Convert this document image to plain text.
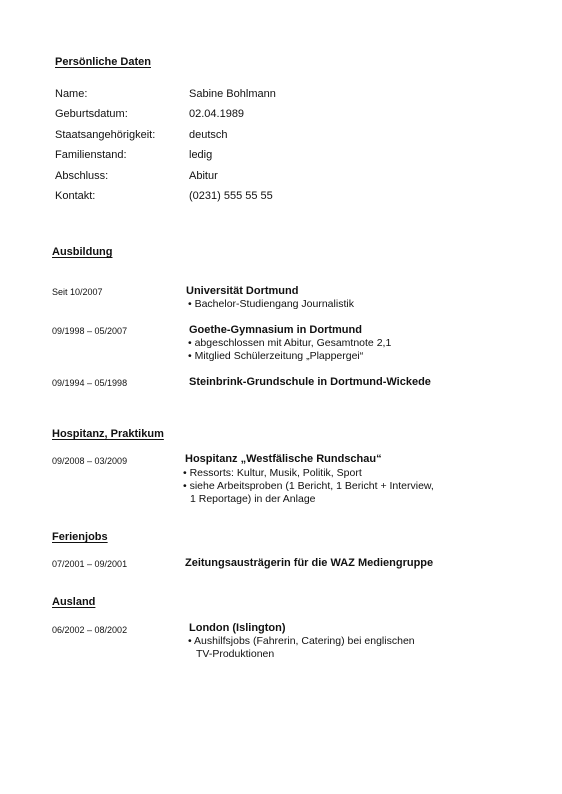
Persönliche Daten
Name:	Sabine Bohlmann
Geburtsdatum:	02.04.1989
Staatsangehörigkeit:	deutsch
Familienstand:	ledig
Abschluss:	Abitur
Kontakt:	(0231) 555 55 55
Ausbildung
Seit 10/2007	Universität Dortmund
• Bachelor-Studiengang Journalistik
09/1998 – 05/2007	Goethe-Gymnasium in Dortmund
• abgeschlossen mit Abitur, Gesamtnote 2,1
• Mitglied Schülerzeitung „Plappergei“
09/1994 – 05/1998	Steinbrink-Grundschule in Dortmund-Wickede
Hospitanz, Praktikum
09/2008 – 03/2009	Hospitanz „Westfälische Rundschau“
• Ressorts: Kultur, Musik, Politik, Sport
• siehe Arbeitsproben (1 Bericht, 1 Bericht + Interview,
1 Reportage) in der Anlage
Ferienjobs
07/2001 – 09/2001	Zeitungsausträgerin für die WAZ Mediengruppe
Ausland
06/2002 – 08/2002	London (Islington)
• Aushilfsjobs (Fahrerin, Catering) bei englischen
TV-Produktionen
